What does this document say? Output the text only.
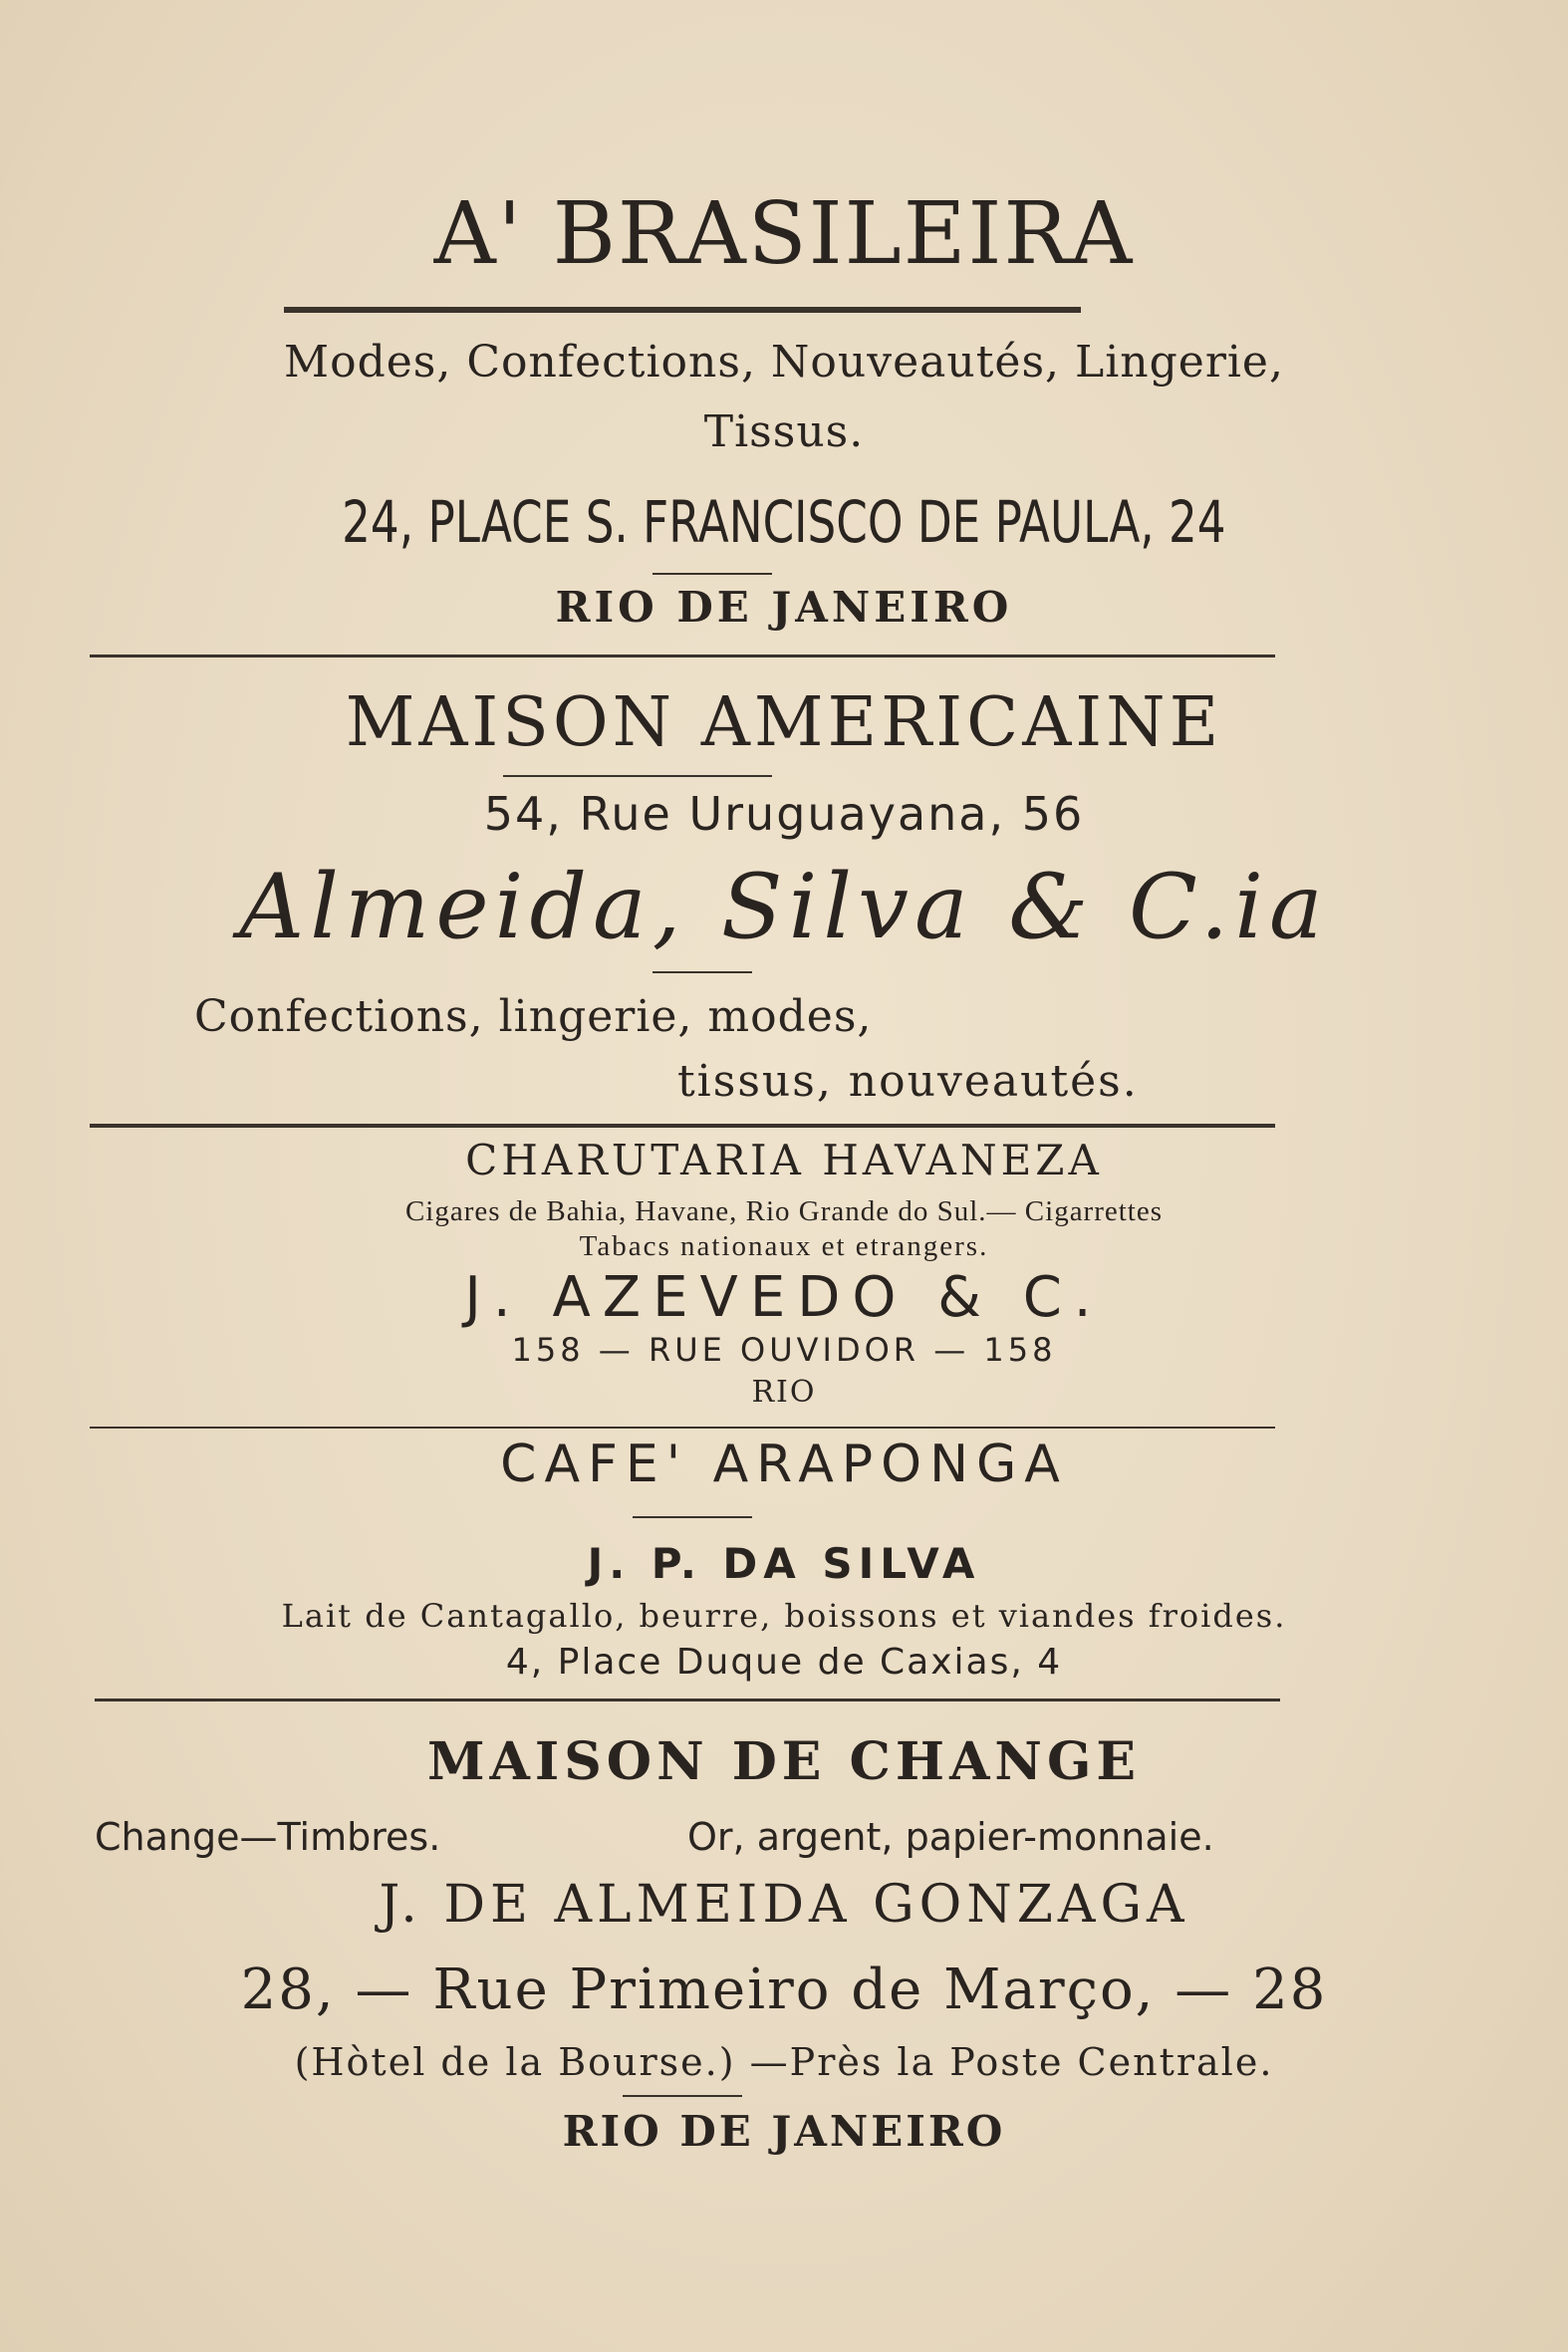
A' BRASILEIRA
Modes, Confections, Nouveautés, Lingerie,
Tissus.
24, PLACE S. FRANCISCO DE PAULA, 24
RIO DE JANEIRO
MAISON AMERICAINE
54, Rue Uruguayana, 56
Almeida, Silva & C.ia
Confections, lingerie, modes,
tissus, nouveautés.
CHARUTARIA HAVANEZA
Cigares de Bahia, Havane, Rio Grande do Sul.— Cigarrettes
Tabacs nationaux et etrangers.
J. AZEVEDO & C.
158 — RUE OUVIDOR — 158
RIO
CAFE' ARAPONGA
J. P. DA SILVA
Lait de Cantagallo, beurre, boissons et viandes froides.
4, Place Duque de Caxias, 4
MAISON DE CHANGE
Change—Timbres.	Or, argent, papier-monnaie.
J. DE ALMEIDA GONZAGA
28, — Rue Primeiro de Março, — 28
(Hòtel de la Bourse.) —Près la Poste Centrale.
RIO DE JANEIRO
